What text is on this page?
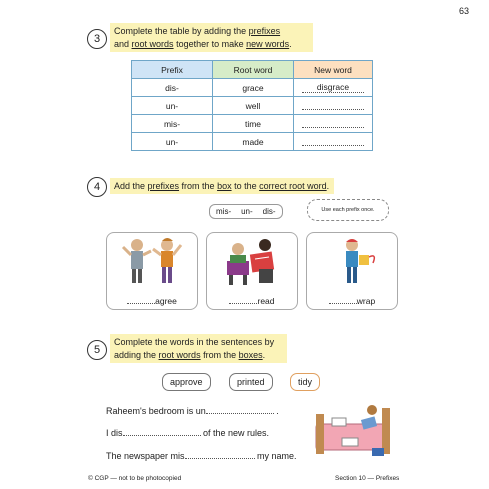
63
3
Complete the table by adding the prefixes
and root words together to make new words.
Prefix	Root word	New word
dis-	grace	disgrace
un-	well	
mis-	time	
un-	made	
4	Add the prefixes from the box to the correct root word.
mis- un- dis-	Use each prefix once.
agree	read	wrap
5
Complete the words in the sentences by adding the root words from the boxes.
approve	printed	tidy
Raheem's bedroom is un	.
I dis	of the new rules.
The newspaper mis	my name.
© CGP — not to be photocopied	Section 10 — Prefixes
